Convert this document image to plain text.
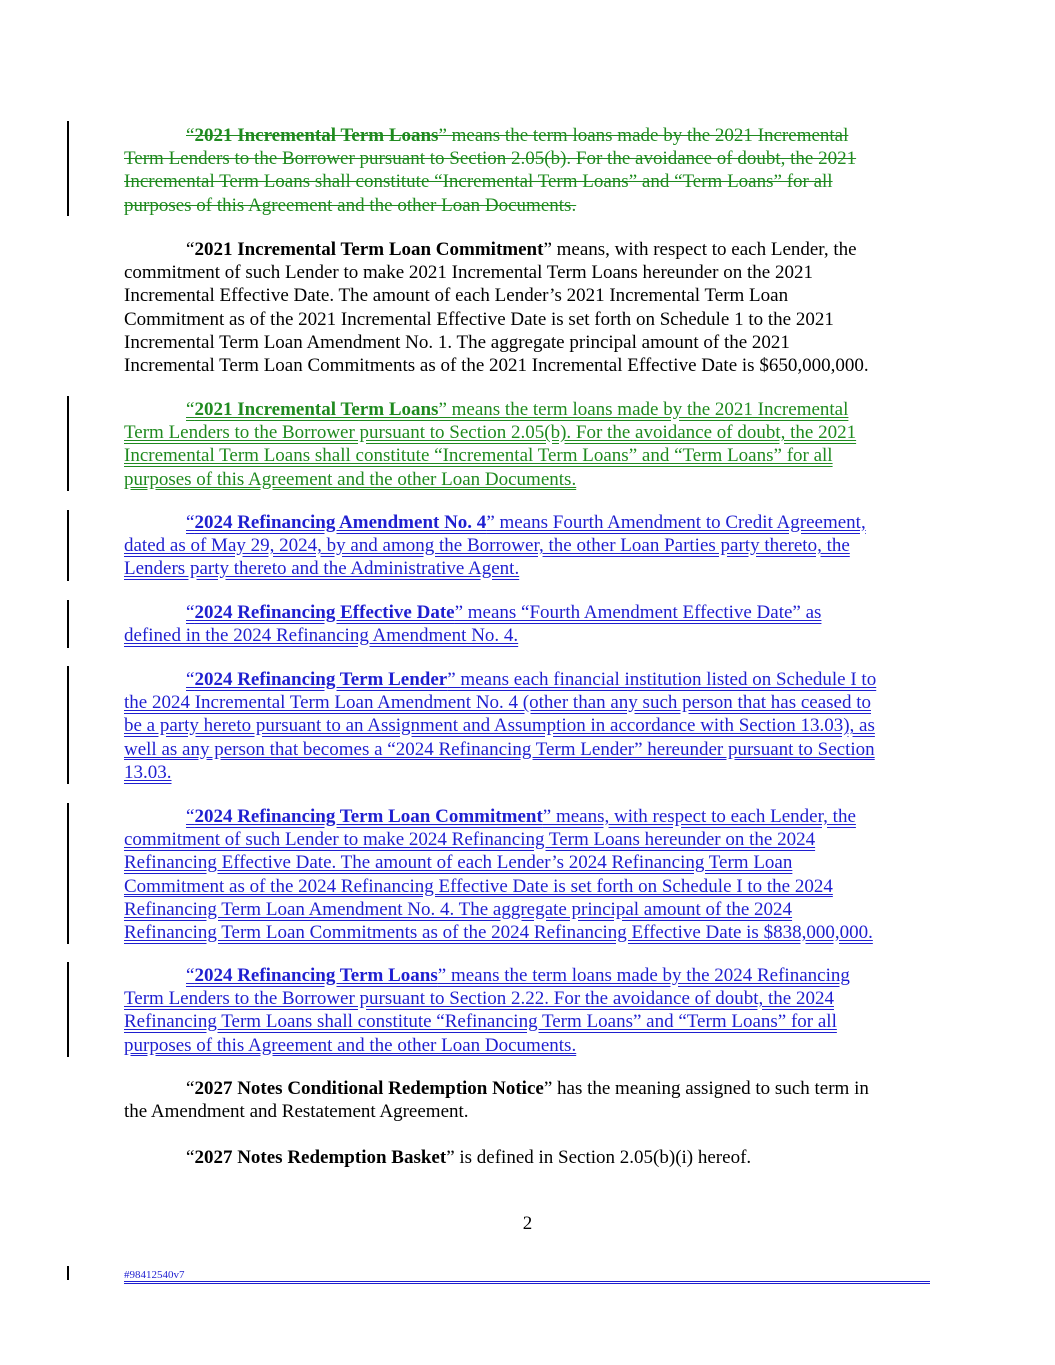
“2021 Incremental Term Loans” means the term loans made by the 2021 Incremental
Term Lenders to the Borrower pursuant to Section 2.05(b). For the avoidance of doubt, the 2021
Incremental Term Loans shall constitute “Incremental Term Loans” and “Term Loans” for all
purposes of this Agreement and the other Loan Documents.
“2021 Incremental Term Loan Commitment” means, with respect to each Lender, the
commitment of such Lender to make 2021 Incremental Term Loans hereunder on the 2021
Incremental Effective Date. The amount of each Lender’s 2021 Incremental Term Loan
Commitment as of the 2021 Incremental Effective Date is set forth on Schedule 1 to the 2021
Incremental Term Loan Amendment No. 1. The aggregate principal amount of the 2021
Incremental Term Loan Commitments as of the 2021 Incremental Effective Date is $650,000,000.
“2021 Incremental Term Loans” means the term loans made by the 2021 Incremental
Term Lenders to the Borrower pursuant to Section 2.05(b). For the avoidance of doubt, the 2021
Incremental Term Loans shall constitute “Incremental Term Loans” and “Term Loans” for all
purposes of this Agreement and the other Loan Documents.
“2024 Refinancing Amendment No. 4” means Fourth Amendment to Credit Agreement,
dated as of May 29, 2024, by and among the Borrower, the other Loan Parties party thereto, the
Lenders party thereto and the Administrative Agent.
“2024 Refinancing Effective Date” means “Fourth Amendment Effective Date” as
defined in the 2024 Refinancing Amendment No. 4.
“2024 Refinancing Term Lender” means each financial institution listed on Schedule I to
the 2024 Incremental Term Loan Amendment No. 4 (other than any such person that has ceased to
be a party hereto pursuant to an Assignment and Assumption in accordance with Section 13.03), as
well as any person that becomes a “2024 Refinancing Term Lender” hereunder pursuant to Section
13.03.
“2024 Refinancing Term Loan Commitment” means, with respect to each Lender, the
commitment of such Lender to make 2024 Refinancing Term Loans hereunder on the 2024
Refinancing Effective Date. The amount of each Lender’s 2024 Refinancing Term Loan
Commitment as of the 2024 Refinancing Effective Date is set forth on Schedule I to the 2024
Refinancing Term Loan Amendment No. 4. The aggregate principal amount of the 2024
Refinancing Term Loan Commitments as of the 2024 Refinancing Effective Date is $838,000,000.
“2024 Refinancing Term Loans” means the term loans made by the 2024 Refinancing
Term Lenders to the Borrower pursuant to Section 2.22. For the avoidance of doubt, the 2024
Refinancing Term Loans shall constitute “Refinancing Term Loans” and “Term Loans” for all
purposes of this Agreement and the other Loan Documents.
“2027 Notes Conditional Redemption Notice” has the meaning assigned to such term in
the Amendment and Restatement Agreement.
“2027 Notes Redemption Basket” is defined in Section 2.05(b)(i) hereof.
2
#98412540v7
